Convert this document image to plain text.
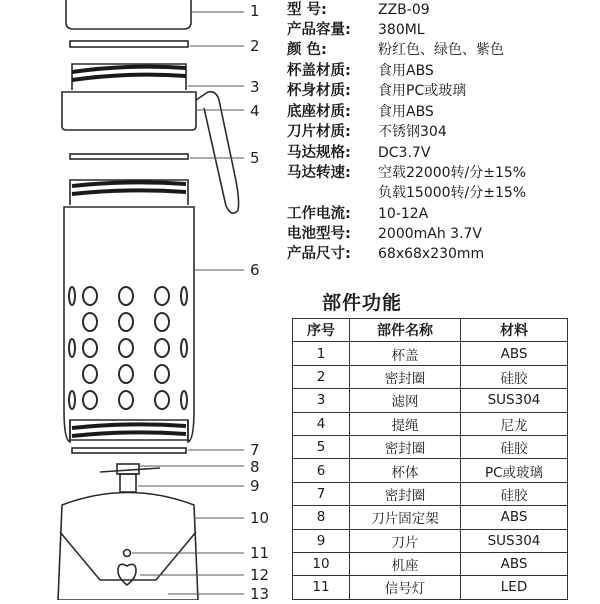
1
2
3
4
5
6
7
8
9
10
11
12
13
型 号:	ZZB-09
产品容量:	380ML
颜 色:	粉红色、绿色、紫色
杯盖材质:	食用ABS
杯身材质:	食用PC或玻璃
底座材质:	食用ABS
刀片材质:	不锈钢304
马达规格:	DC3.7V
马达转速:	空载22000转/分±15%
负载15000转/分±15%
工作电流:	10-12A
电池型号:	2000mAh 3.7V
产品尺寸:	68x68x230mm
部件功能
序号	部件名称	材料
1	杯盖	ABS
2	密封圈	硅胶
3	滤网	SUS304
4	提绳	尼龙
5	密封圈	硅胶
6	杯体	PC或玻璃
7	密封圈	硅胶
8	刀片固定架	ABS
9	刀片	SUS304
10	机座	ABS
11	信号灯	LED
